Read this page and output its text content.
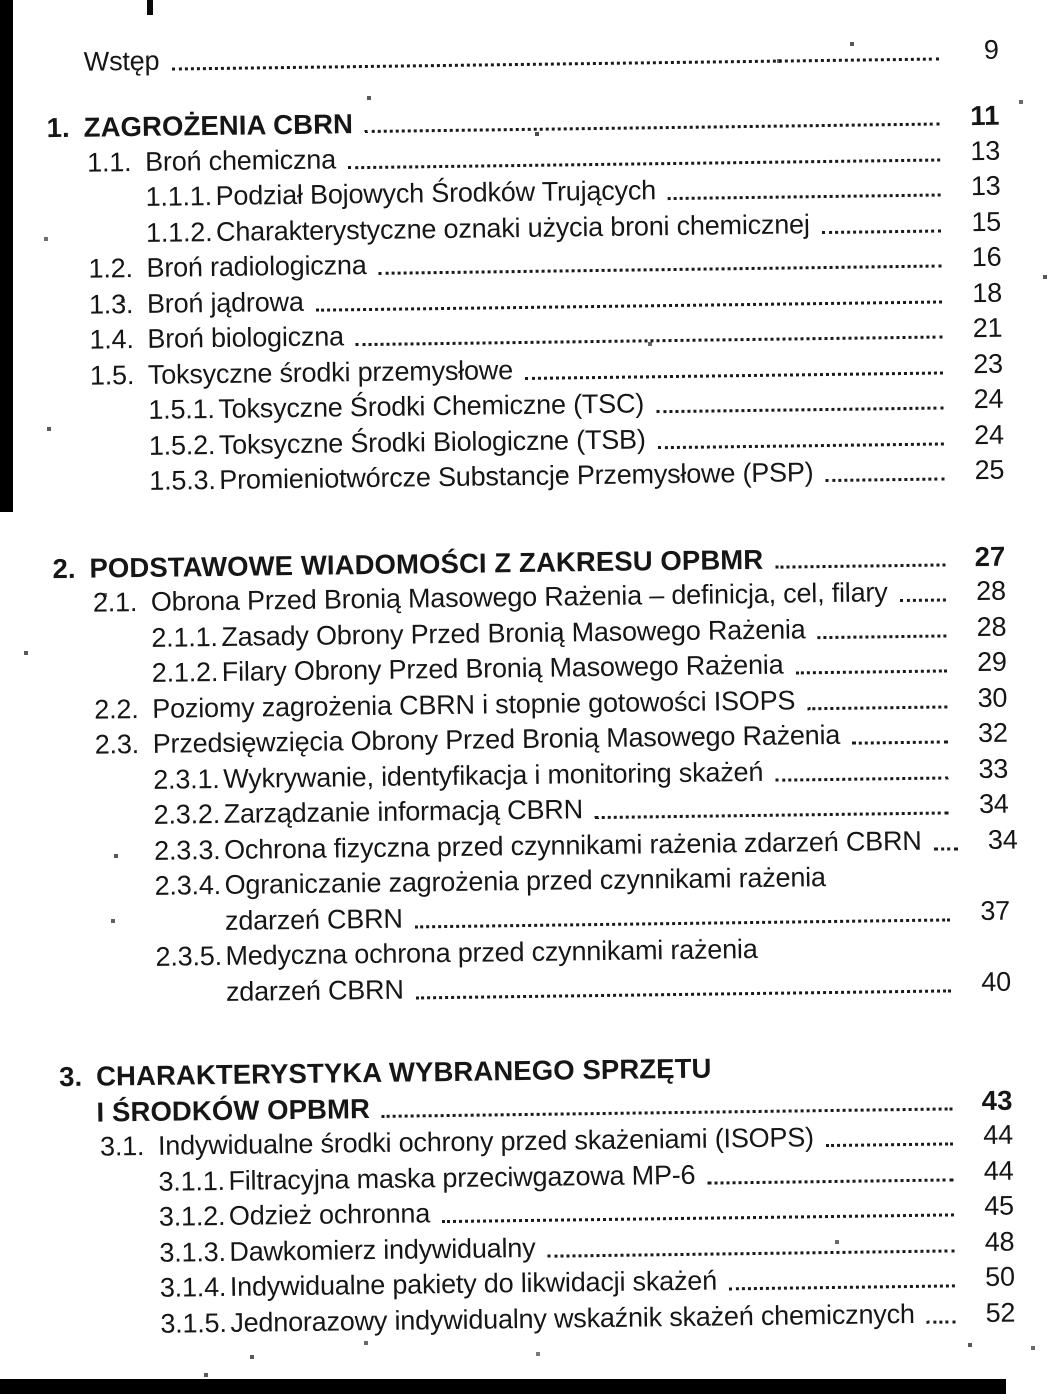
Wstęp	9
1. ZAGROŻENIA CBRN	11
1.1. Broń chemiczna	13
1.1.1. Podział Bojowych Środków Trujących	13
1.1.2. Charakterystyczne oznaki użycia broni chemicznej	15
1.2. Broń radiologiczna	16
1.3. Broń jądrowa	18
1.4. Broń biologiczna	21
1.5. Toksyczne środki przemysłowe	23
1.5.1. Toksyczne Środki Chemiczne (TSC)	24
1.5.2. Toksyczne Środki Biologiczne (TSB)	24
1.5.3. Promieniotwórcze Substancje Przemysłowe (PSP)	25
2. PODSTAWOWE WIADOMOŚCI Z ZAKRESU OPBMR	27
2.1. Obrona Przed Bronią Masowego Rażenia – definicja, cel, filary	28
2.1.1. Zasady Obrony Przed Bronią Masowego Rażenia	28
2.1.2. Filary Obrony Przed Bronią Masowego Rażenia	29
2.2. Poziomy zagrożenia CBRN i stopnie gotowości ISOPS	30
2.3. Przedsięwzięcia Obrony Przed Bronią Masowego Rażenia	32
2.3.1. Wykrywanie, identyfikacja i monitoring skażeń	33
2.3.2. Zarządzanie informacją CBRN	34
2.3.3. Ochrona fizyczna przed czynnikami rażenia zdarzeń CBRN	34
2.3.4. Ograniczanie zagrożenia przed czynnikami rażenia
zdarzeń CBRN	37
2.3.5. Medyczna ochrona przed czynnikami rażenia
zdarzeń CBRN	40
3. CHARAKTERYSTYKA WYBRANEGO SPRZĘTU
I ŚRODKÓW OPBMR	43
3.1. Indywidualne środki ochrony przed skażeniami (ISOPS)	44
3.1.1. Filtracyjna maska przeciwgazowa MP-6	44
3.1.2. Odzież ochronna	45
3.1.3. Dawkomierz indywidualny	48
3.1.4. Indywidualne pakiety do likwidacji skażeń	50
3.1.5. Jednorazowy indywidualny wskaźnik skażeń chemicznych	52
